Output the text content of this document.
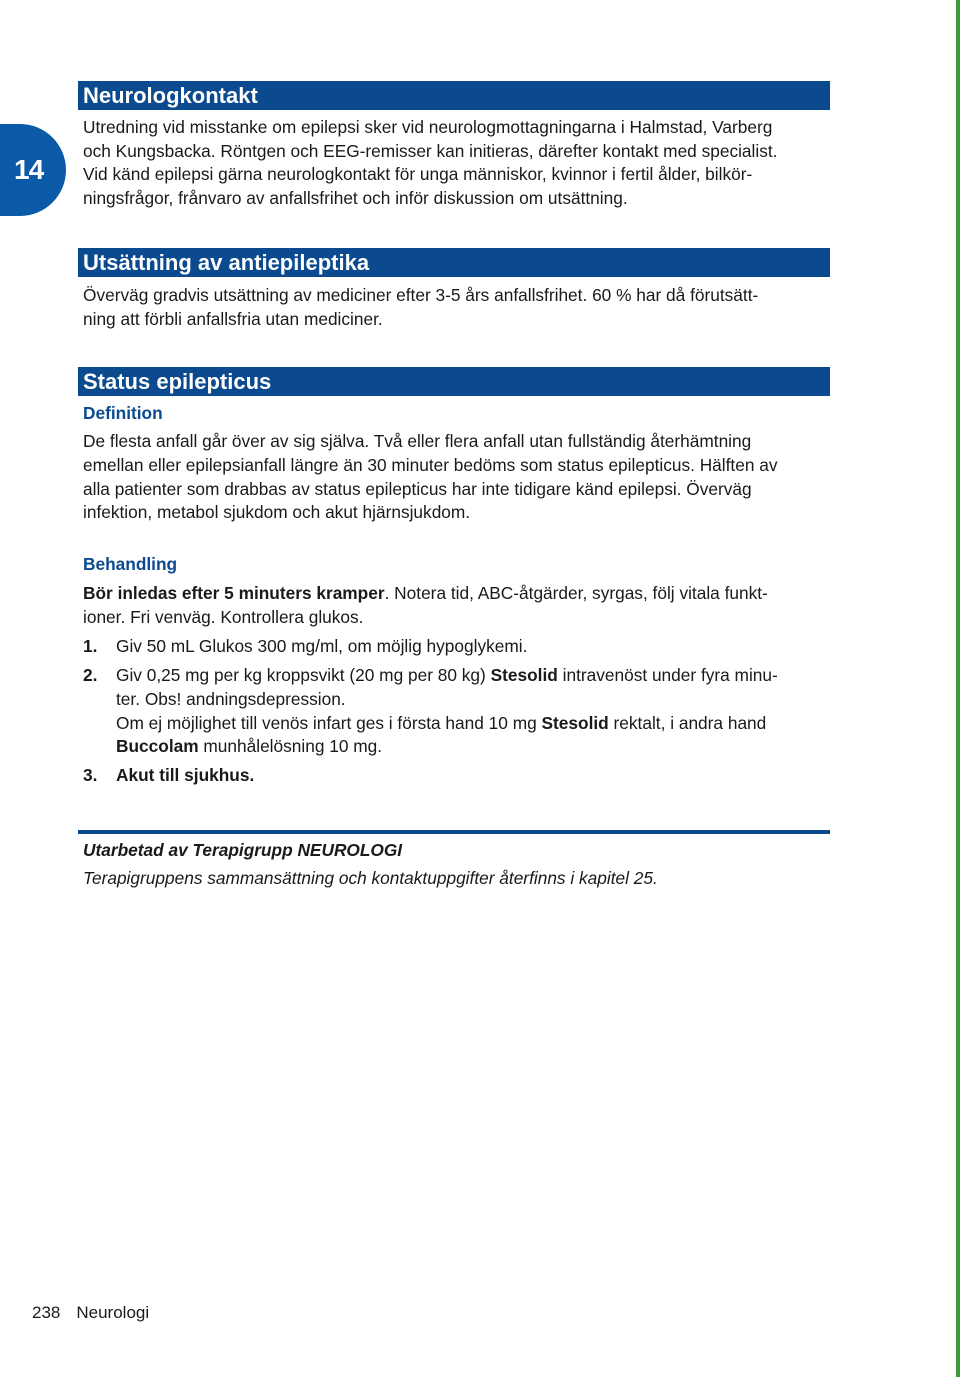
14
Neurologkontakt
Utredning vid misstanke om epilepsi sker vid neurologmottagningarna i Halmstad, Varberg
och Kungsbacka. Röntgen och EEG-remisser kan initieras, därefter kontakt med specialist.
Vid känd epilepsi gärna neurologkontakt för unga människor, kvinnor i fertil ålder, bilkör-
ningsfrågor, frånvaro av anfallsfrihet och inför diskussion om utsättning.
Utsättning av antiepileptika
Överväg gradvis utsättning av mediciner efter 3-5 års anfallsfrihet. 60 % har då förutsätt-
ning att förbli anfallsfria utan mediciner.
Status epilepticus
Definition
De flesta anfall går över av sig själva. Två eller flera anfall utan fullständig återhämtning
emellan eller epilepsianfall längre än 30 minuter bedöms som status epilepticus. Hälften av
alla patienter som drabbas av status epilepticus har inte tidigare känd epilepsi. Överväg
infektion, metabol sjukdom och akut hjärnsjukdom.
Behandling
Bör inledas efter 5 minuters kramper. Notera tid, ABC-åtgärder, syrgas, följ vitala funkt-
ioner. Fri venväg. Kontrollera glukos.
1.	Giv 50 mL Glukos 300 mg/ml, om möjlig hypoglykemi.
2.	Giv 0,25 mg per kg kroppsvikt (20 mg per 80 kg) Stesolid intravenöst under fyra minu-
ter. Obs! andningsdepression.
Om ej möjlighet till venös infart ges i första hand 10 mg Stesolid rektalt, i andra hand
Buccolam munhålelösning 10 mg.
3.	Akut till sjukhus.
Utarbetad av Terapigrupp NEUROLOGI
Terapigruppens sammansättning och kontaktuppgifter återfinns i kapitel 25.
238 Neurologi
